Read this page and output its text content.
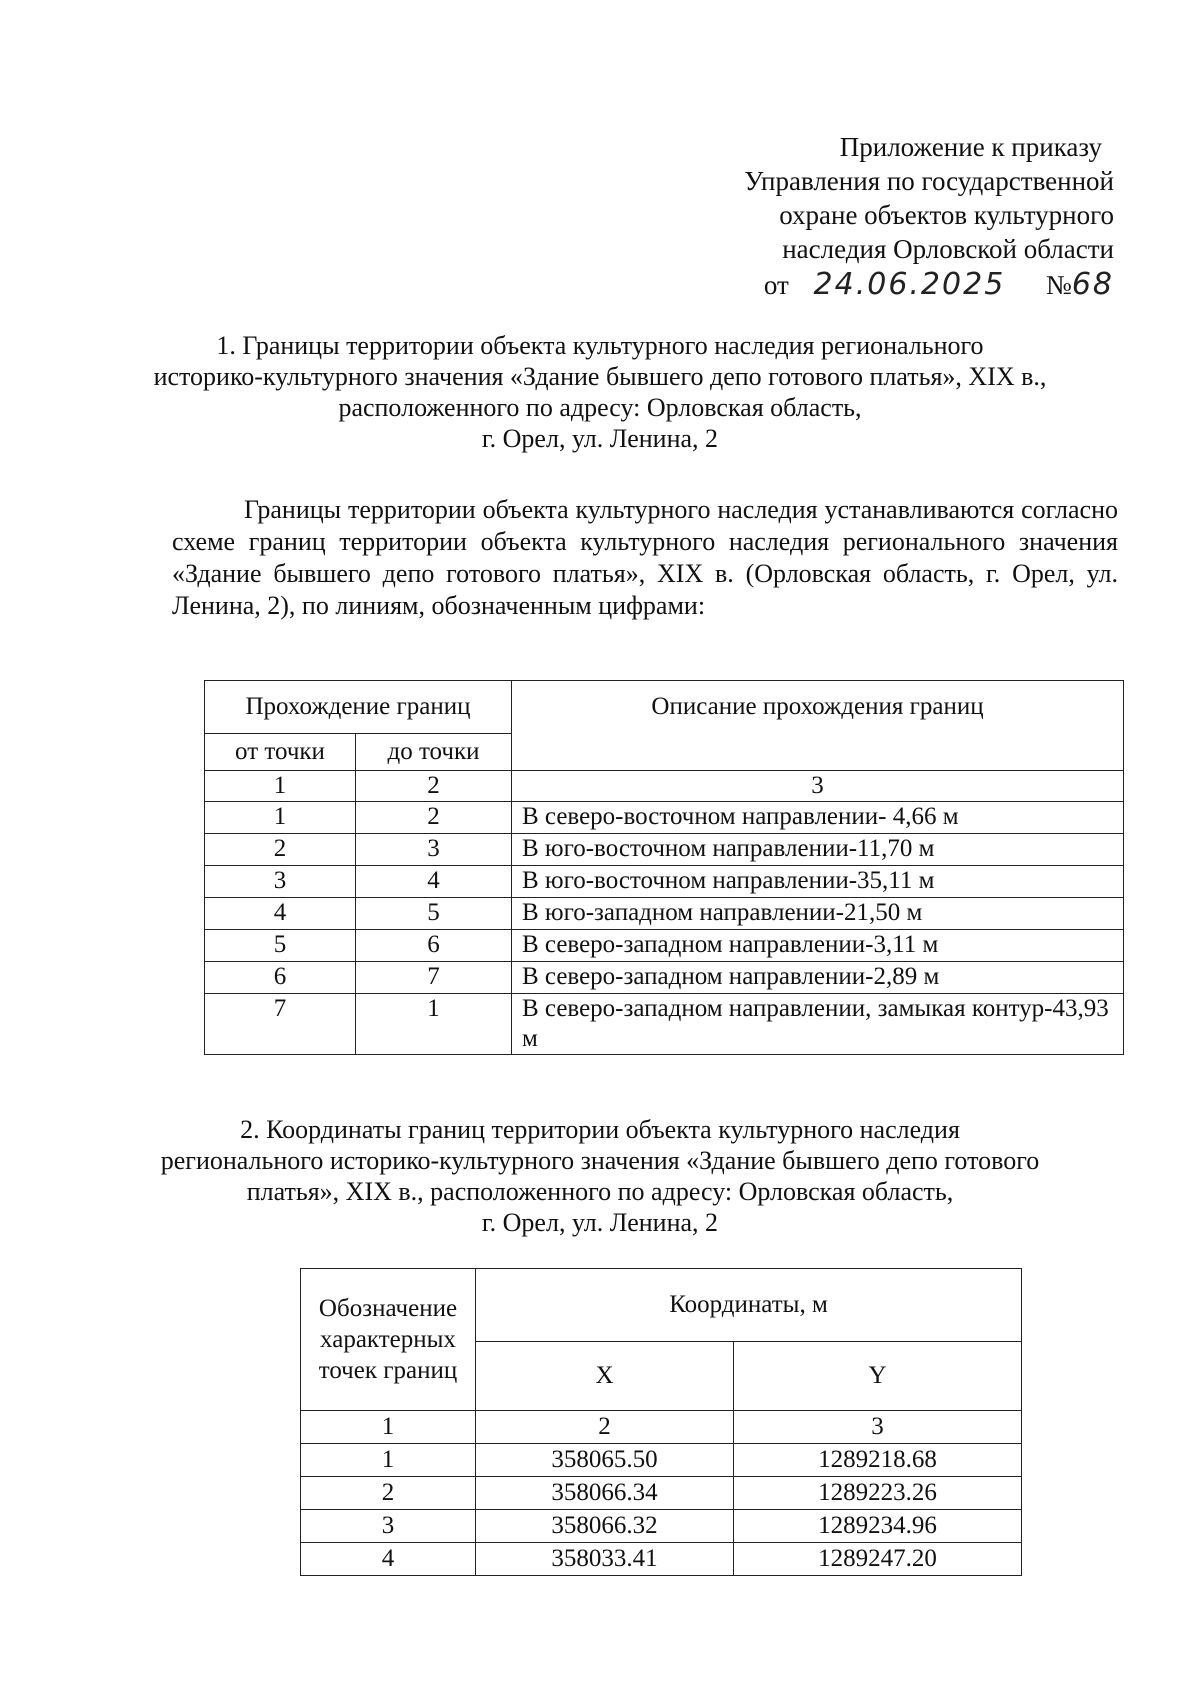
Приложение к приказу
Управления по государственной
охране объектов культурного
наследия Орловской области
от 24.06.2025 №68
1. Границы территории объекта культурного наследия регионального
историко-культурного значения «Здание бывшего депо готового платья», XIX в.,
расположенного по адресу: Орловская область,
г. Орел, ул. Ленина, 2
Границы территории объекта культурного наследия устанавливаются согласно схеме границ территории объекта культурного наследия регионального значения «Здание бывшего депо готового платья», XIX в. (Орловская область, г. Орел, ул. Ленина, 2), по линиям, обозначенным цифрами:
Прохождение границ		Описание прохождения границ
от точки	до точки	
1	2	3
1	2	В северо-восточном направлении- 4,66 м
2	3	В юго-восточном направлении-11,70 м
3	4	В юго-восточном направлении-35,11 м
4	5	В юго-западном направлении-21,50 м
5	6	В северо-западном направлении-3,11 м
6	7	В северо-западном направлении-2,89 м
7	1	В северо-западном направлении, замыкая контур-43,93 м
2. Координаты границ территории объекта культурного наследия
регионального историко-культурного значения «Здание бывшего депо готового
платья», XIX в., расположенного по адресу: Орловская область,
г. Орел, ул. Ленина, 2
Обозначение характерных точек границ	Координаты, м	
	X	Y
1	2	3
1	358065.50	1289218.68
2	358066.34	1289223.26
3	358066.32	1289234.96
4	358033.41	1289247.20
